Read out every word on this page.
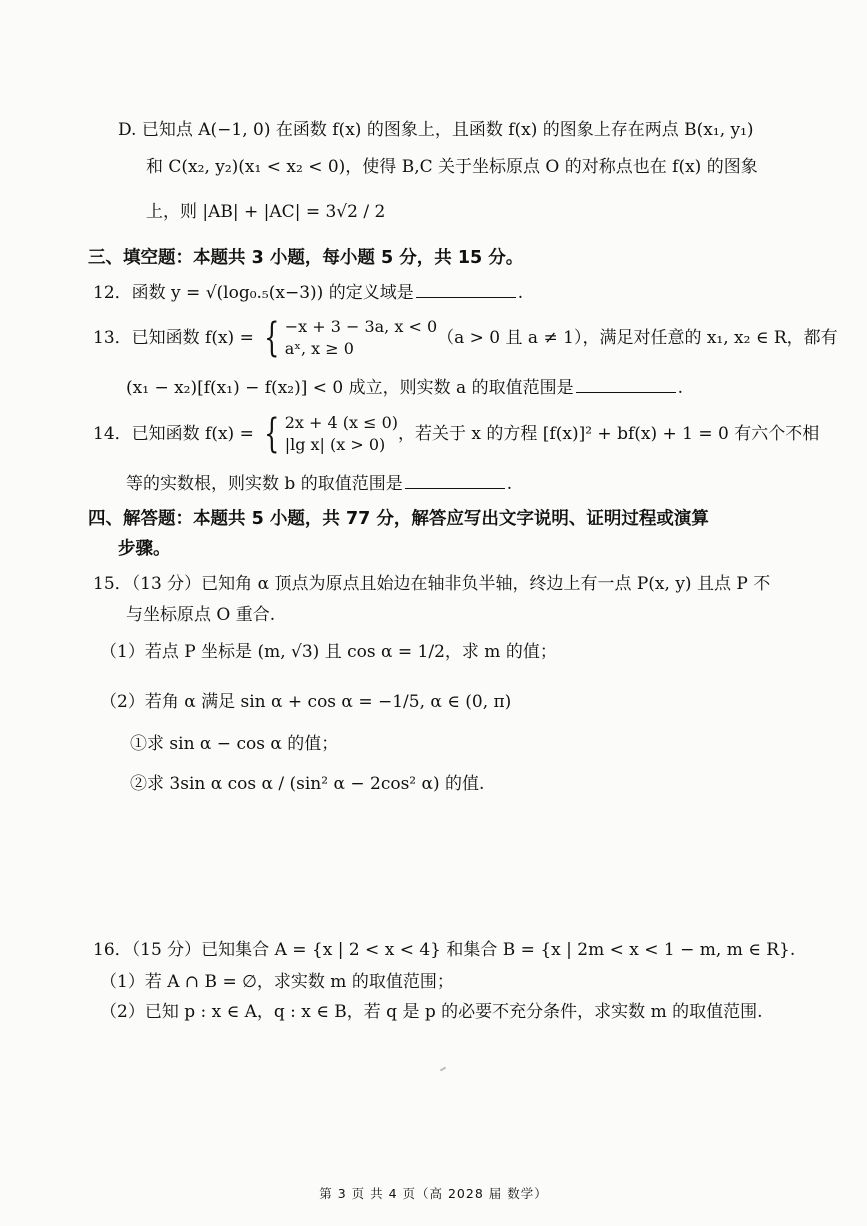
D. 已知点 A(−1, 0) 在函数 f(x) 的图象上，且函数 f(x) 的图象上存在两点 B(x₁, y₁)
和 C(x₂, y₂)(x₁ < x₂ < 0)，使得 B,C 关于坐标原点 O 的对称点也在 f(x) 的图象
上，则 |AB| + |AC| = 3√2 / 2
三、填空题：本题共 3 小题，每小题 5 分，共 15 分。
12．函数 y = √(log₀.₅(x−3)) 的定义域是	.
13．已知函数 f(x) = { −x + 3 − 3a, x < 0
aˣ, x ≥ 0（a > 0 且 a ≠ 1），满足对任意的 x₁, x₂ ∈ R，都有
(x₁ − x₂)[f(x₁) − f(x₂)] < 0 成立，则实数 a 的取值范围是	.
14．已知函数 f(x) = { 2x + 4 (x ≤ 0)
|lg x| (x > 0)，若关于 x 的方程 [f(x)]² + bf(x) + 1 = 0 有六个不相
等的实数根，则实数 b 的取值范围是	.
四、解答题：本题共 5 小题，共 77 分，解答应写出文字说明、证明过程或演算
步骤。
15．（13 分）已知角 α 顶点为原点且始边在轴非负半轴，终边上有一点 P(x, y) 且点 P 不
与坐标原点 O 重合.
（1）若点 P 坐标是 (m, √3) 且 cos α = 1/2，求 m 的值；
（2）若角 α 满足 sin α + cos α = −1/5, α ∈ (0, π)
①求 sin α − cos α 的值；
②求 3sin α cos α / (sin² α − 2cos² α) 的值.
16．（15 分）已知集合 A = {x | 2 < x < 4} 和集合 B = {x | 2m < x < 1 − m, m ∈ R}.
（1）若 A ∩ B = ∅，求实数 m 的取值范围；
（2）已知 p : x ∈ A，q : x ∈ B，若 q 是 p 的必要不充分条件，求实数 m 的取值范围.
第 3 页 共 4 页（高 2028 届 数学）
